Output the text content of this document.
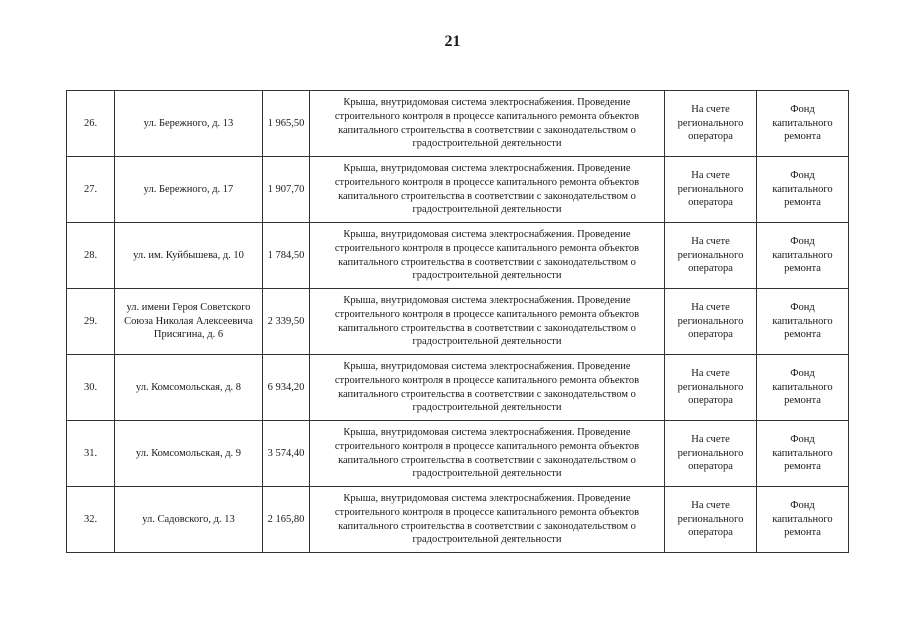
21
26.	ул. Бережного, д. 13	1 965,50	Крыша, внутридомовая система электроснабжения. Проведение строительного контроля в процессе капитального ремонта объектов капитального строительства в соответствии с законодательством о градостроительной деятельности	На счете регионального оператора	Фонд капитального ремонта
27.	ул. Бережного, д. 17	1 907,70	Крыша, внутридомовая система электроснабжения. Проведение строительного контроля в процессе капитального ремонта объектов капитального строительства в соответствии с законодательством о градостроительной деятельности	На счете регионального оператора	Фонд капитального ремонта
28.	ул. им. Куйбышева, д. 10	1 784,50	Крыша, внутридомовая система электроснабжения. Проведение строительного контроля в процессе капитального ремонта объектов капитального строительства в соответствии с законодательством о градостроительной деятельности	На счете регионального оператора	Фонд капитального ремонта
29.	ул. имени Героя Советского Союза Николая Алексеевича Присягина, д. 6	2 339,50	Крыша, внутридомовая система электроснабжения. Проведение строительного контроля в процессе капитального ремонта объектов капитального строительства в соответствии с законодательством о градостроительной деятельности	На счете регионального оператора	Фонд капитального ремонта
30.	ул. Комсомольская, д. 8	6 934,20	Крыша, внутридомовая система электроснабжения. Проведение строительного контроля в процессе капитального ремонта объектов капитального строительства в соответствии с законодательством о градостроительной деятельности	На счете регионального оператора	Фонд капитального ремонта
31.	ул. Комсомольская, д. 9	3 574,40	Крыша, внутридомовая система электроснабжения. Проведение строительного контроля в процессе капитального ремонта объектов капитального строительства в соответствии с законодательством о градостроительной деятельности	На счете регионального оператора	Фонд капитального ремонта
32.	ул. Садовского, д. 13	2 165,80	Крыша, внутридомовая система электроснабжения. Проведение строительного контроля в процессе капитального ремонта объектов капитального строительства в соответствии с законодательством о градостроительной деятельности	На счете регионального оператора	Фонд капитального ремонта
